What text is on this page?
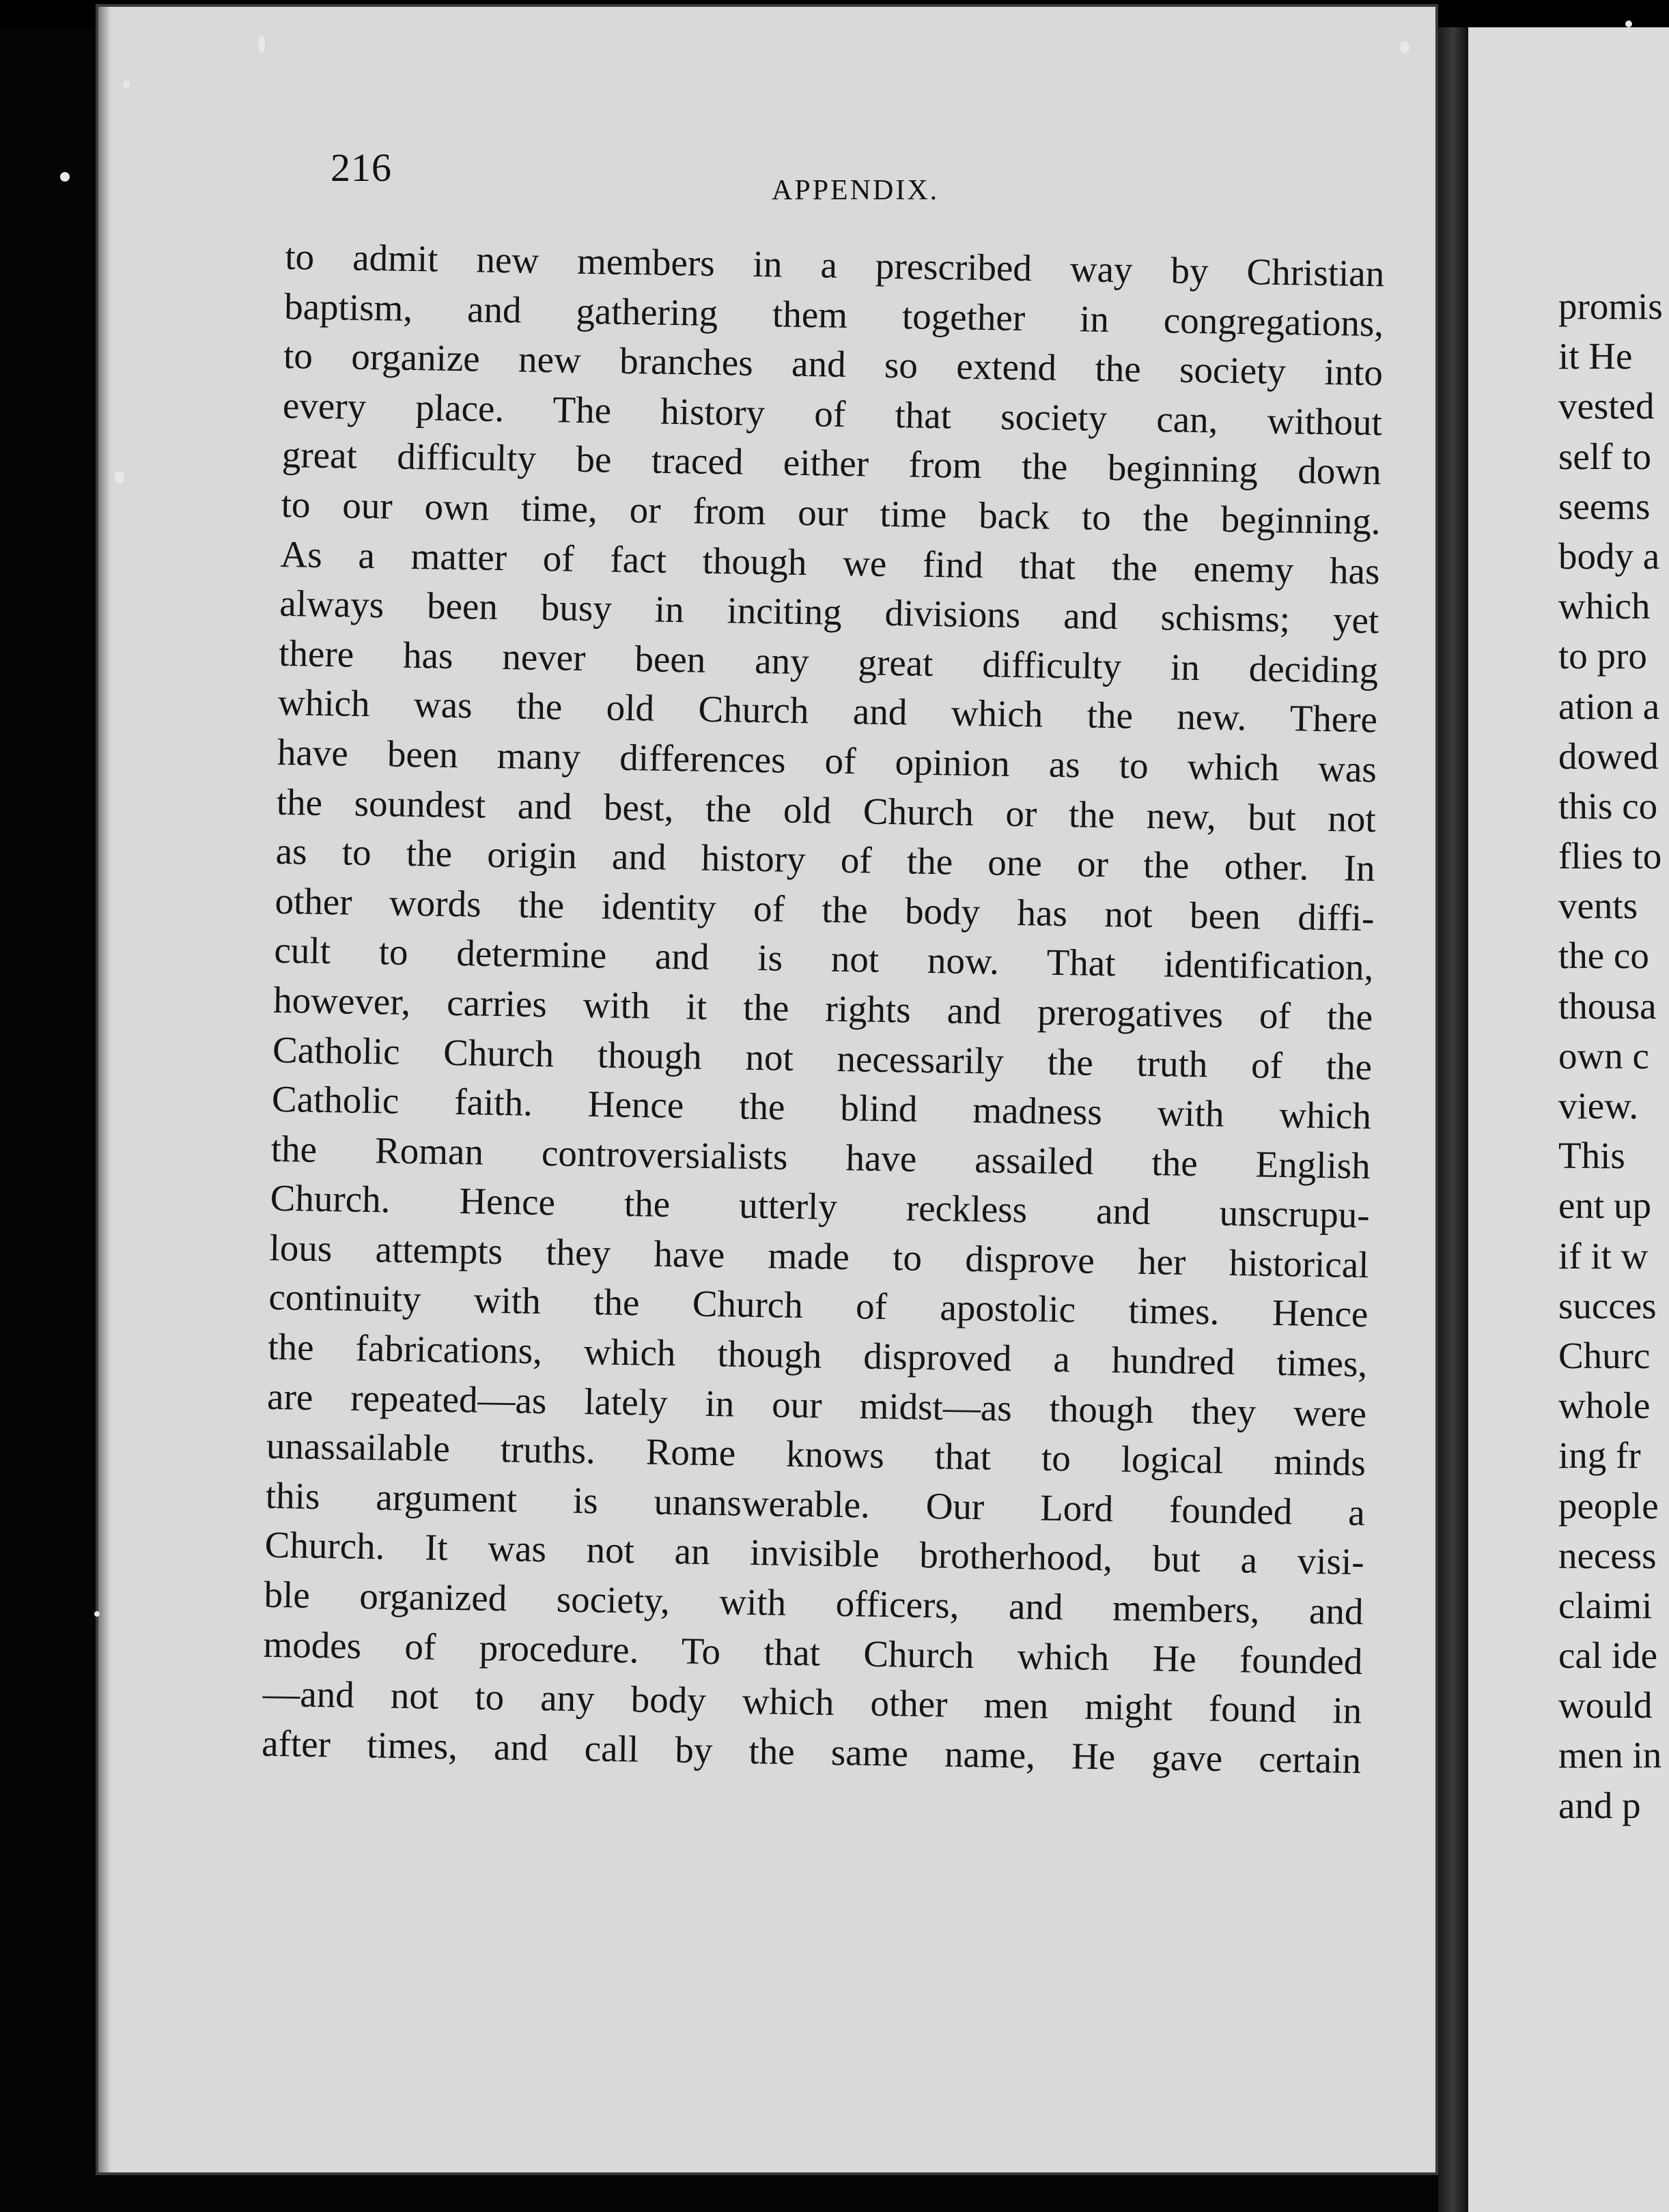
216
APPENDIX.
to admit new members in a prescribed way by Christian
baptism, and gathering them together in congregations,
to organize new branches and so extend the society into
every place. The history of that society can, without
great difficulty be traced either from the beginning down
to our own time, or from our time back to the beginning.
As a matter of fact though we find that the enemy has
always been busy in inciting divisions and schisms; yet
there has never been any great difficulty in deciding
which was the old Church and which the new. There
have been many differences of opinion as to which was
the soundest and best, the old Church or the new, but not
as to the origin and history of the one or the other. In
other words the identity of the body has not been diffi-
cult to determine and is not now. That identification,
however, carries with it the rights and prerogatives of the
Catholic Church though not necessarily the truth of the
Catholic faith. Hence the blind madness with which
the Roman controversialists have assailed the English
Church. Hence the utterly reckless and unscrupu-
lous attempts they have made to disprove her historical
continuity with the Church of apostolic times. Hence
the fabrications, which though disproved a hundred times,
are repeated—as lately in our midst—as though they were
unassailable truths. Rome knows that to logical minds
this argument is unanswerable. Our Lord founded a
Church. It was not an invisible brotherhood, but a visi-
ble organized society, with officers, and members, and
modes of procedure. To that Church which He founded
—and not to any body which other men might found in
after times, and call by the same name, He gave certain
promis
it He
vested
self to
seems
body a
which
to pro
ation a
dowed
this co
flies to
vents
the co
thousa
own c
view.
This
ent up
if it w
succes
Churc
whole
ing fr
people
necess
claimi
cal ide
would
men in
and p
